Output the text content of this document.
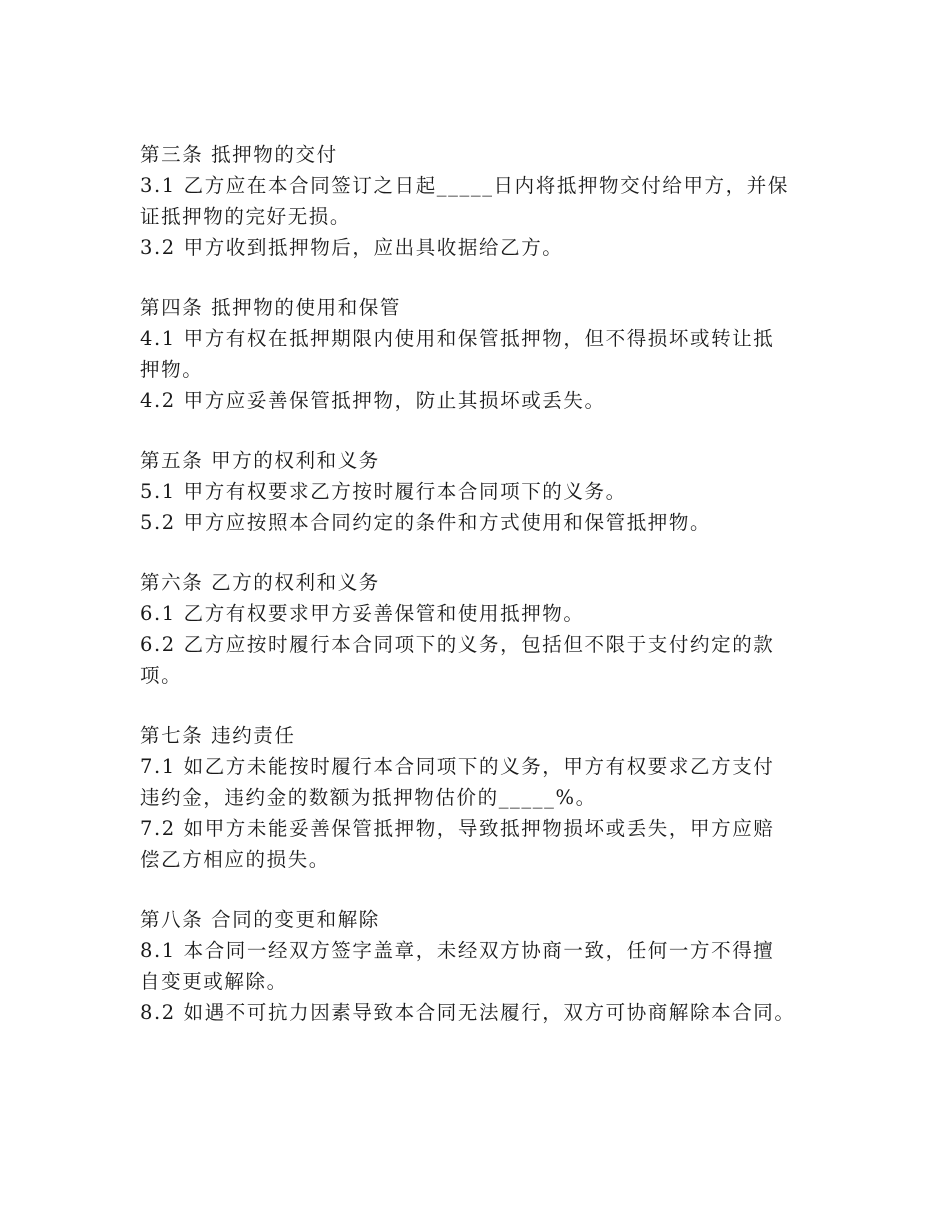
第三条 抵押物的交付
3.1 乙方应在本合同签订之日起_____日内将抵押物交付给甲方，并保
证抵押物的完好无损。
3.2 甲方收到抵押物后，应出具收据给乙方。
第四条 抵押物的使用和保管
4.1 甲方有权在抵押期限内使用和保管抵押物，但不得损坏或转让抵
押物。
4.2 甲方应妥善保管抵押物，防止其损坏或丢失。
第五条 甲方的权利和义务
5.1 甲方有权要求乙方按时履行本合同项下的义务。
5.2 甲方应按照本合同约定的条件和方式使用和保管抵押物。
第六条 乙方的权利和义务
6.1 乙方有权要求甲方妥善保管和使用抵押物。
6.2 乙方应按时履行本合同项下的义务，包括但不限于支付约定的款
项。
第七条 违约责任
7.1 如乙方未能按时履行本合同项下的义务，甲方有权要求乙方支付
违约金，违约金的数额为抵押物估价的_____%。
7.2 如甲方未能妥善保管抵押物，导致抵押物损坏或丢失，甲方应赔
偿乙方相应的损失。
第八条 合同的变更和解除
8.1 本合同一经双方签字盖章，未经双方协商一致，任何一方不得擅
自变更或解除。
8.2 如遇不可抗力因素导致本合同无法履行，双方可协商解除本合同。
